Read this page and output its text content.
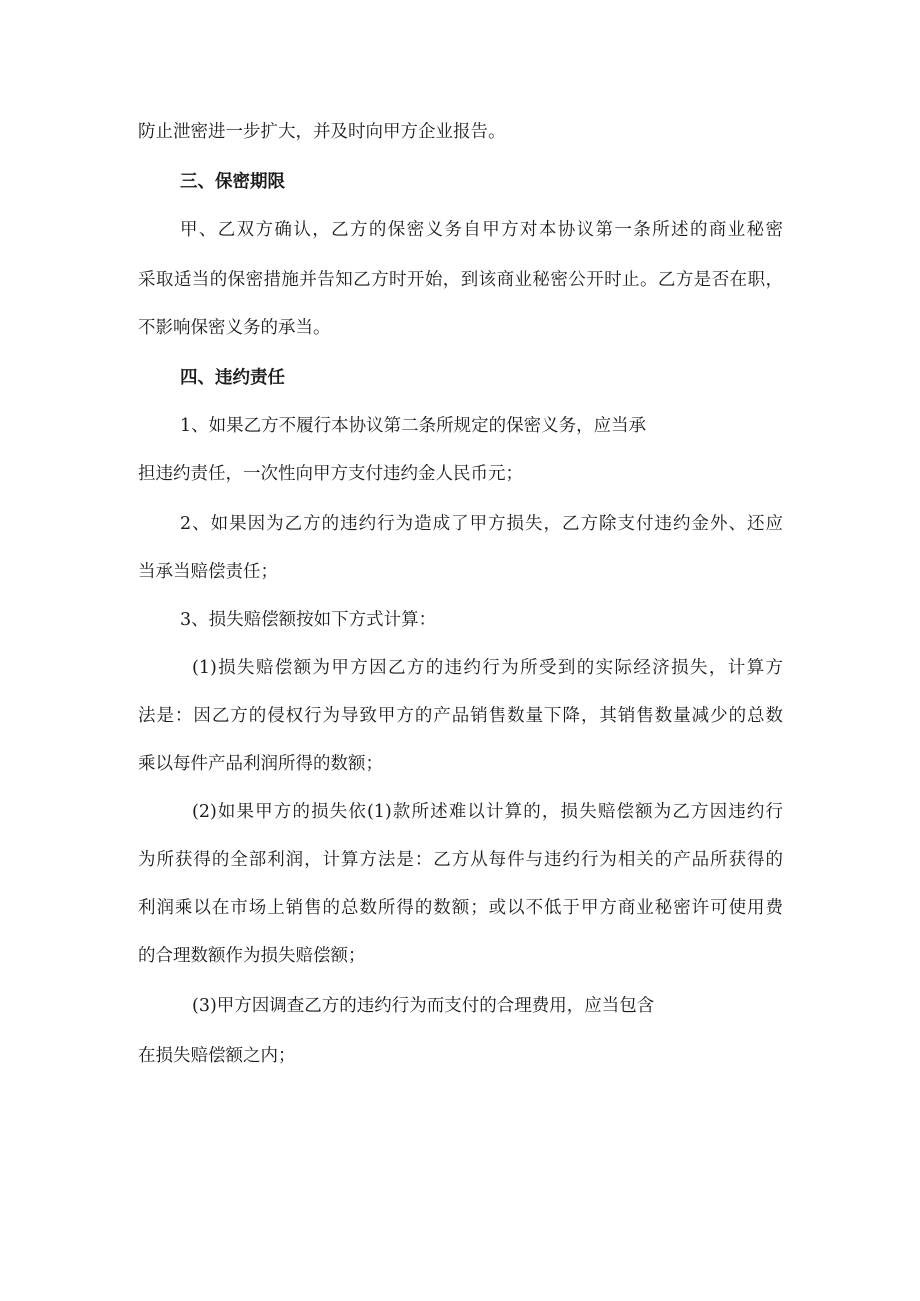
防止泄密进一步扩大，并及时向甲方企业报告。
三、保密期限
甲、乙双方确认，乙方的保密义务自甲方对本协议第一条所述的商业秘密
采取适当的保密措施并告知乙方时开始，到该商业秘密公开时止。乙方是否在职，
不影响保密义务的承当。
四、违约责任
1、如果乙方不履行本协议第二条所规定的保密义务，应当承
担违约责任，一次性向甲方支付违约金人民币元；
2、如果因为乙方的违约行为造成了甲方损失，乙方除支付违约金外、还应
当承当赔偿责任；
3、损失赔偿额按如下方式计算：
(1)损失赔偿额为甲方因乙方的违约行为所受到的实际经济损失，计算方
法是：因乙方的侵权行为导致甲方的产品销售数量下降，其销售数量减少的总数
乘以每件产品利润所得的数额；
(2)如果甲方的损失依(1)款所述难以计算的，损失赔偿额为乙方因违约行
为所获得的全部利润，计算方法是：乙方从每件与违约行为相关的产品所获得的
利润乘以在市场上销售的总数所得的数额；或以不低于甲方商业秘密许可使用费
的合理数额作为损失赔偿额；
(3)甲方因调查乙方的违约行为而支付的合理费用，应当包含
在损失赔偿额之内；
